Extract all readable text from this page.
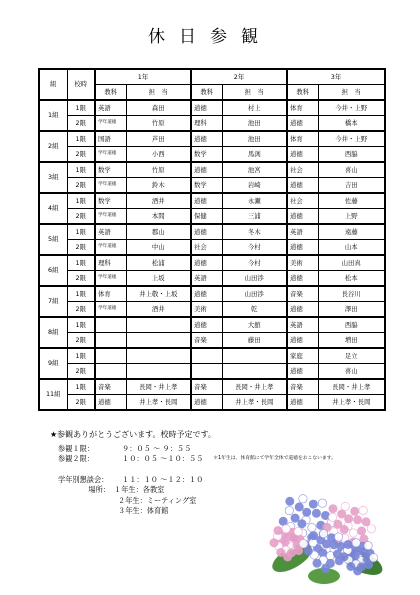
休日参観
組	校時	1年		2年		3年	
		教科	担　当	教科	担　当	教科	担　当
1組	1限	英語	森田	道徳	村上	体育	今井・上野
	2限	学年道徳	竹原	理科	池田	道徳	橋本
2組	1限	国語	芦田	道徳	池田	体育	今井・上野
	2限	学年道徳	小西	数学	馬渕	道徳	西脇
3組	1限	数学	竹原	道徳	池宮	社会	喜山
	2限	学年道徳	鈴木	数学	岩崎	道徳	吉田
4組	1限	数学	酒井	道徳	永瀬	社会	佐藤
	2限	学年道徳	本間	保健	三浦	道徳	上野
5組	1限	英語	郡山	道徳	冬木	英語	遠藤
	2限	学年道徳	中山	社会	今村	道徳	山本
6組	1限	理科	松浦	道徳	今村	美術	山田真
	2限	学年道徳	上坂	英語	山田渉	道徳	松本
7組	1限	体育	井上敬・上坂	道徳	山田渉	音楽	長谷川
	2限	学年道徳	酒井	美術	乾	道徳	澤田
8組	1限			道徳	大舘	英語	西脇
	2限			音楽	藤田	道徳	増田
9組	1限					家庭	足立
	2限					道徳	喜山
11組	1限	音楽	長岡・井上孝	音楽	長岡・井上孝	音楽	長岡・井上孝
	2限	道徳	井上孝・長岡	道徳	井上孝・長岡	道徳	井上孝・長岡
★参観ありがとうございます。校時予定です。
参観１限：	９：０５ ～ ９：５５
参観２限：	１０：０５ ～１０：５５ ＊1年生は、体育館にて学年全体で道徳をおこないます。
学年別懇談会：	１１：１０ ～１２：１０
場所： １年生：各教室
２年生：ミーティング室
３年生：体育館
